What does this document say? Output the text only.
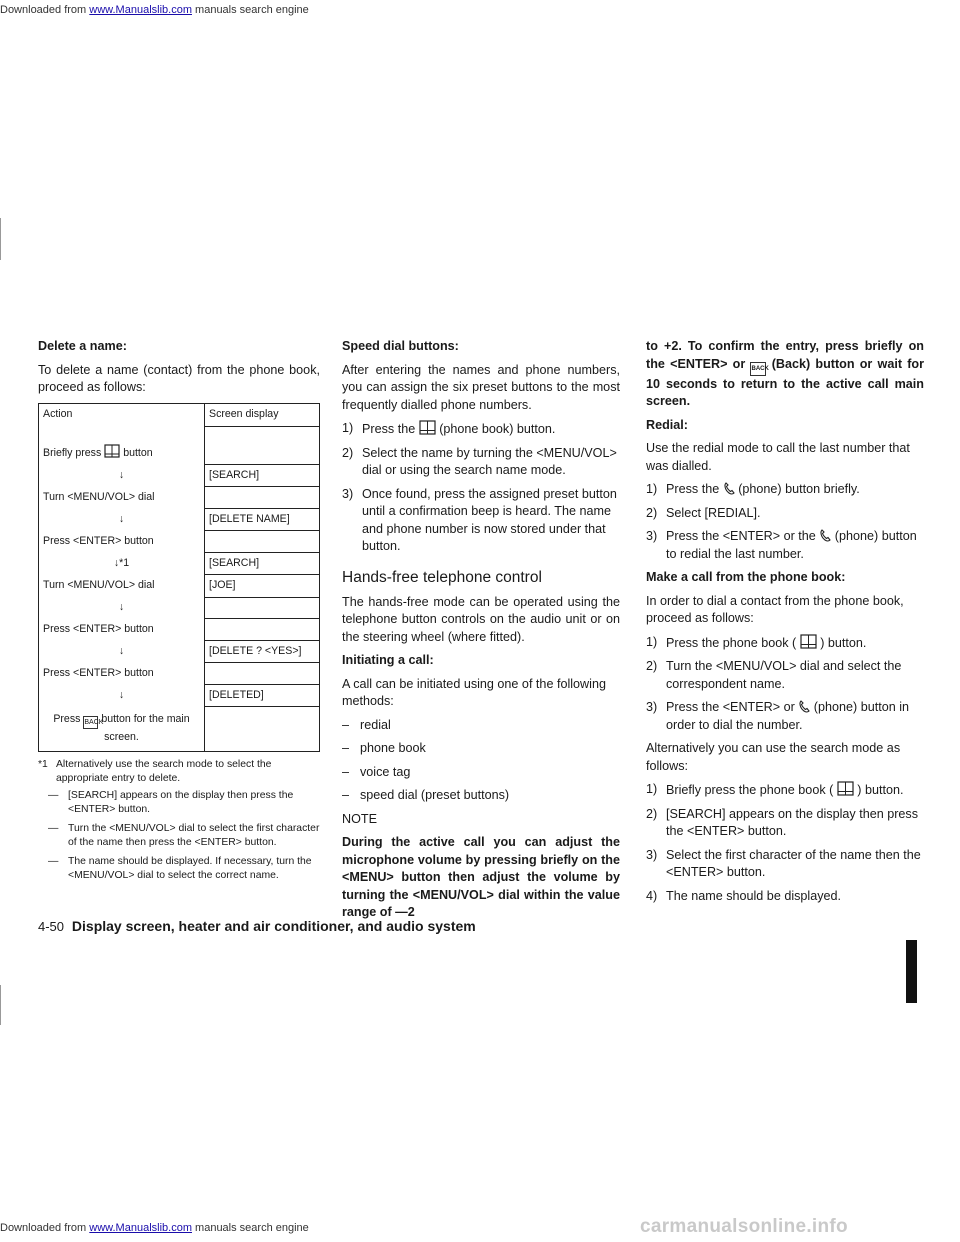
Downloaded from www.Manualslib.com manuals search engine

Delete a name:

To delete a name (contact) from the phone book, proceed as follows:

Action	Screen display
Briefly press button	
↓	[SEARCH]
Turn <MENU/VOL> dial	
↓	[DELETE NAME]
Press <ENTER> button	
↓*1	[SEARCH]
Turn <MENU/VOL> dial	[JOE]
↓	
Press <ENTER> button	
↓	[DELETE ? <YES>]
Press <ENTER> button	
↓	[DELETED]
Press BACK button for the main screen.	
*1 Alternatively use the search mode to select the appropriate entry to delete.
— [SEARCH] appears on the display then press the <ENTER> button.
— Turn the <MENU/VOL> dial to select the first character of the name then press the <ENTER> button.
— The name should be displayed. If necessary, turn the <MENU/VOL> dial to select the correct name.

Speed dial buttons:

After entering the names and phone numbers, you can assign the six preset buttons to the most frequently dialled phone numbers.

1) Press the  (phone book) button.
2) Select the name by turning the <MENU/VOL> dial or using the search name mode.
3) Once found, press the assigned preset button until a confirmation beep is heard. The name and phone number is now stored under that button.
Hands-free telephone control

The hands-free mode can be operated using the telephone button controls on the audio unit or on the steering wheel (where fitted).

Initiating a call:

A call can be initiated using one of the following methods:

– redial
– phone book
– voice tag
– speed dial (preset buttons)

NOTE

During the active call you can adjust the microphone volume by pressing briefly on the <MENU> button then adjust the volume by turning the <MENU/VOL> dial within the value range of —2

to +2. To confirm the entry, press briefly on the <ENTER> or BACK (Back) button or wait for 10 seconds to return to the active call main screen.

Redial:

Use the redial mode to call the last number that was dialled.

1) Press the  (phone) button briefly.
2) Select [REDIAL].
3) Press the <ENTER> or the  (phone) button to redial the last number.

Make a call from the phone book:

In order to dial a contact from the phone book, proceed as follows:

1) Press the phone book (  ) button.
2) Turn the <MENU/VOL> dial and select the correspondent name.
3) Press the <ENTER> or  (phone) button in order to dial the number.

Alternatively you can use the search mode as follows:

1) Briefly press the phone book (  ) button.
2) [SEARCH] appears on the display then press the <ENTER> button.
3) Select the first character of the name then the <ENTER> button.
4) The name should be displayed.
4-50 Display screen, heater and air conditioner, and audio system
Downloaded from www.Manualslib.com manuals search engine	carmanualsonline.info
